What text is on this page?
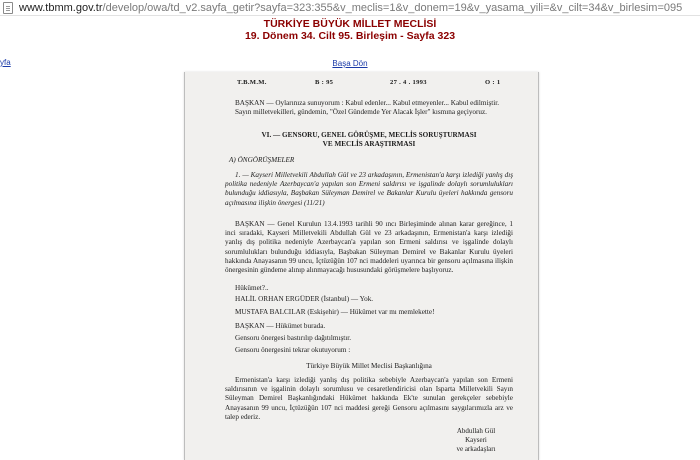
www.tbmm.gov.tr /develop/owa/td_v2.sayfa_getir?sayfa=323:355&v_meclis=1&v_donem=19&v_yasama_yili=&v_cilt=34&v_birlesim=095
TÜRKİYE BÜYÜK MİLLET MECLİSİ
19. Dönem 34. Cilt 95. Birleşim - Sayfa 323
yfa	Başa Dön
T.B.M.M.	B : 95	27 . 4 . 1993	O : 1
BAŞKAN — Oylarınıza sunuyorum : Kabul edenler... Kabul etmeyenler... Kabul edilmiştir.
Sayın milletvekilleri, gündemin, "Özel Gündemde Yer Alacak İşler" kısmına geçiyoruz.
VI. — GENSORU, GENEL GÖRÜŞME, MECLİS SORUŞTURMASI
VE MECLİS ARAŞTIRMASI
A) ÖNGÖRÜŞMELER
1. — Kayseri Milletvekili Abdullah Gül ve 23 arkadaşının, Ermenistan'a karşı izlediği yanlış dış politika nedeniyle Azerbaycan'a yapılan son Ermeni saldırısı ve işgalinde dolaylı sorumlulukları bulunduğu iddiasıyla, Başbakan Süleyman Demirel ve Bakanlar Kurulu üyeleri hakkında gensoru açılmasına ilişkin önergesi (11/21)
BAŞKAN — Genel Kurulun 13.4.1993 tarihli 90 ıncı Birleşiminde alınan karar gereğince, 1 inci sıradaki, Kayseri Milletvekili Abdullah Gül ve 23 arkadaşının, Ermenistan'a karşı izlediği yanlış dış politika nedeniyle Azerbaycan'a yapılan son Ermeni saldırısı ve işgalinde dolaylı sorumlulukları bulunduğu iddiasıyla, Başbakan Süleyman Demirel ve Bakanlar Kurulu üyeleri hakkında Anayasanın 99 uncu, İçtüzüğün 107 nci maddeleri uyarınca bir gensoru açılmasına ilişkin önergesinin gündeme alınıp alınmayacağı hususundaki görüşmelere başlıyoruz.
Hükümet?..
HALİL ORHAN ERGÜDER (İstanbul) — Yok.
MUSTAFA BALCILAR (Eskişehir) — Hükümet var mı memlekette!
BAŞKAN — Hükümet burada.
Gensoru önergesi bastırılıp dağıtılmıştır.
Gensoru önergesini tekrar okutuyorum :
Türkiye Büyük Millet Meclisi Başkanlığına
Ermenistan'a karşı izlediği yanlış dış politika sebebiyle Azerbaycan'a yapılan son Ermeni saldırısının ve işgalinin dolaylı sorumlusu ve cesaretlendiricisi olan Isparta Milletvekili Sayın Süleyman Demirel Başkanlığındaki Hükümet hakkında Ek'te sunulan gerekçeler sebebiyle Anayasanın 99 uncu, İçtüzüğün 107 nci maddesi gereği Gensoru açılmasını saygılarımızla arz ve talep ederiz.
Abdullah Gül
Kayseri
ve arkadaşları
